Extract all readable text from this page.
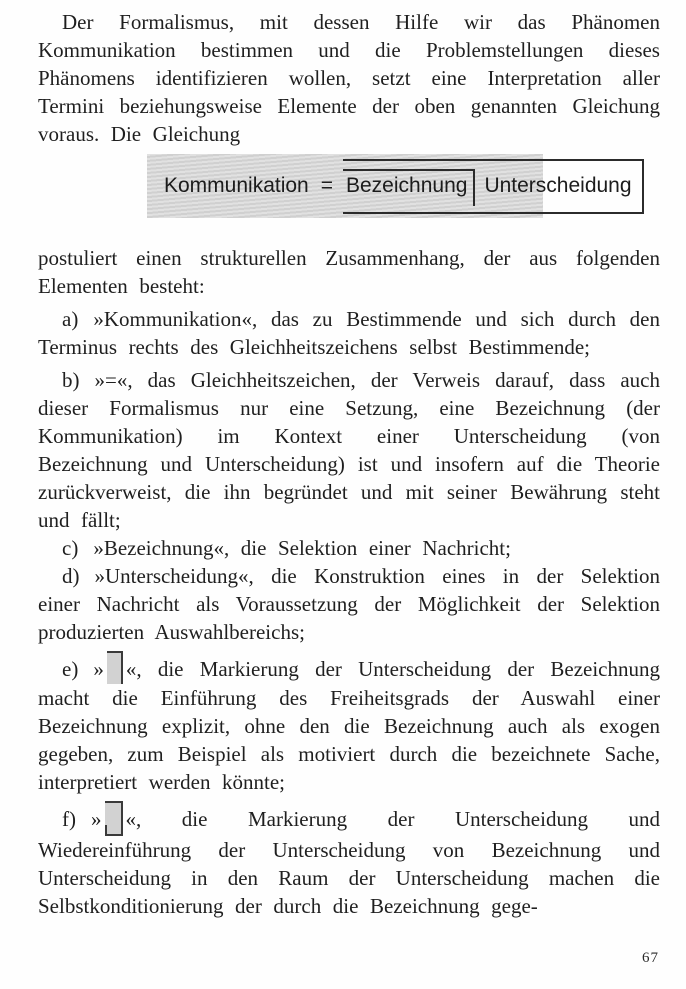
Der Formalismus, mit dessen Hilfe wir das Phänomen Kommunikation bestimmen und die Problemstellungen dieses Phänomens identifizieren wollen, setzt eine Interpretation aller Termini beziehungsweise Elemente der oben genannten Gleichung voraus. Die Gleichung

Kommunikation = Bezeichnung Unterscheidung

postuliert einen strukturellen Zusammenhang, der aus folgenden Elementen besteht:

a) »Kommunikation«, das zu Bestimmende und sich durch den Terminus rechts des Gleichheitszeichens selbst Bestimmende;

b) »=«, das Gleichheitszeichen, der Verweis darauf, dass auch dieser Formalismus nur eine Setzung, eine Bezeichnung (der Kommunikation) im Kontext einer Unterscheidung (von Bezeichnung und Unterscheidung) ist und insofern auf die Theorie zurückverweist, die ihn begründet und mit seiner Bewährung steht und fällt;

c) »Bezeichnung«, die Selektion einer Nachricht;

d) »Unterscheidung«, die Konstruktion eines in der Selektion einer Nachricht als Voraussetzung der Möglichkeit der Selektion produzierten Auswahlbereichs;

e) » «, die Markierung der Unterscheidung der Bezeichnung macht die Einführung des Freiheitsgrads der Auswahl einer Bezeichnung explizit, ohne den die Bezeichnung auch als exogen gegeben, zum Beispiel als motiviert durch die bezeichnete Sache, interpretiert werden könnte;

f) » «, die Markierung der Unterscheidung und Wiedereinführung der Unterscheidung von Bezeichnung und Unterscheidung in den Raum der Unterscheidung machen die Selbstkonditionierung der durch die Bezeichnung gege-

67
